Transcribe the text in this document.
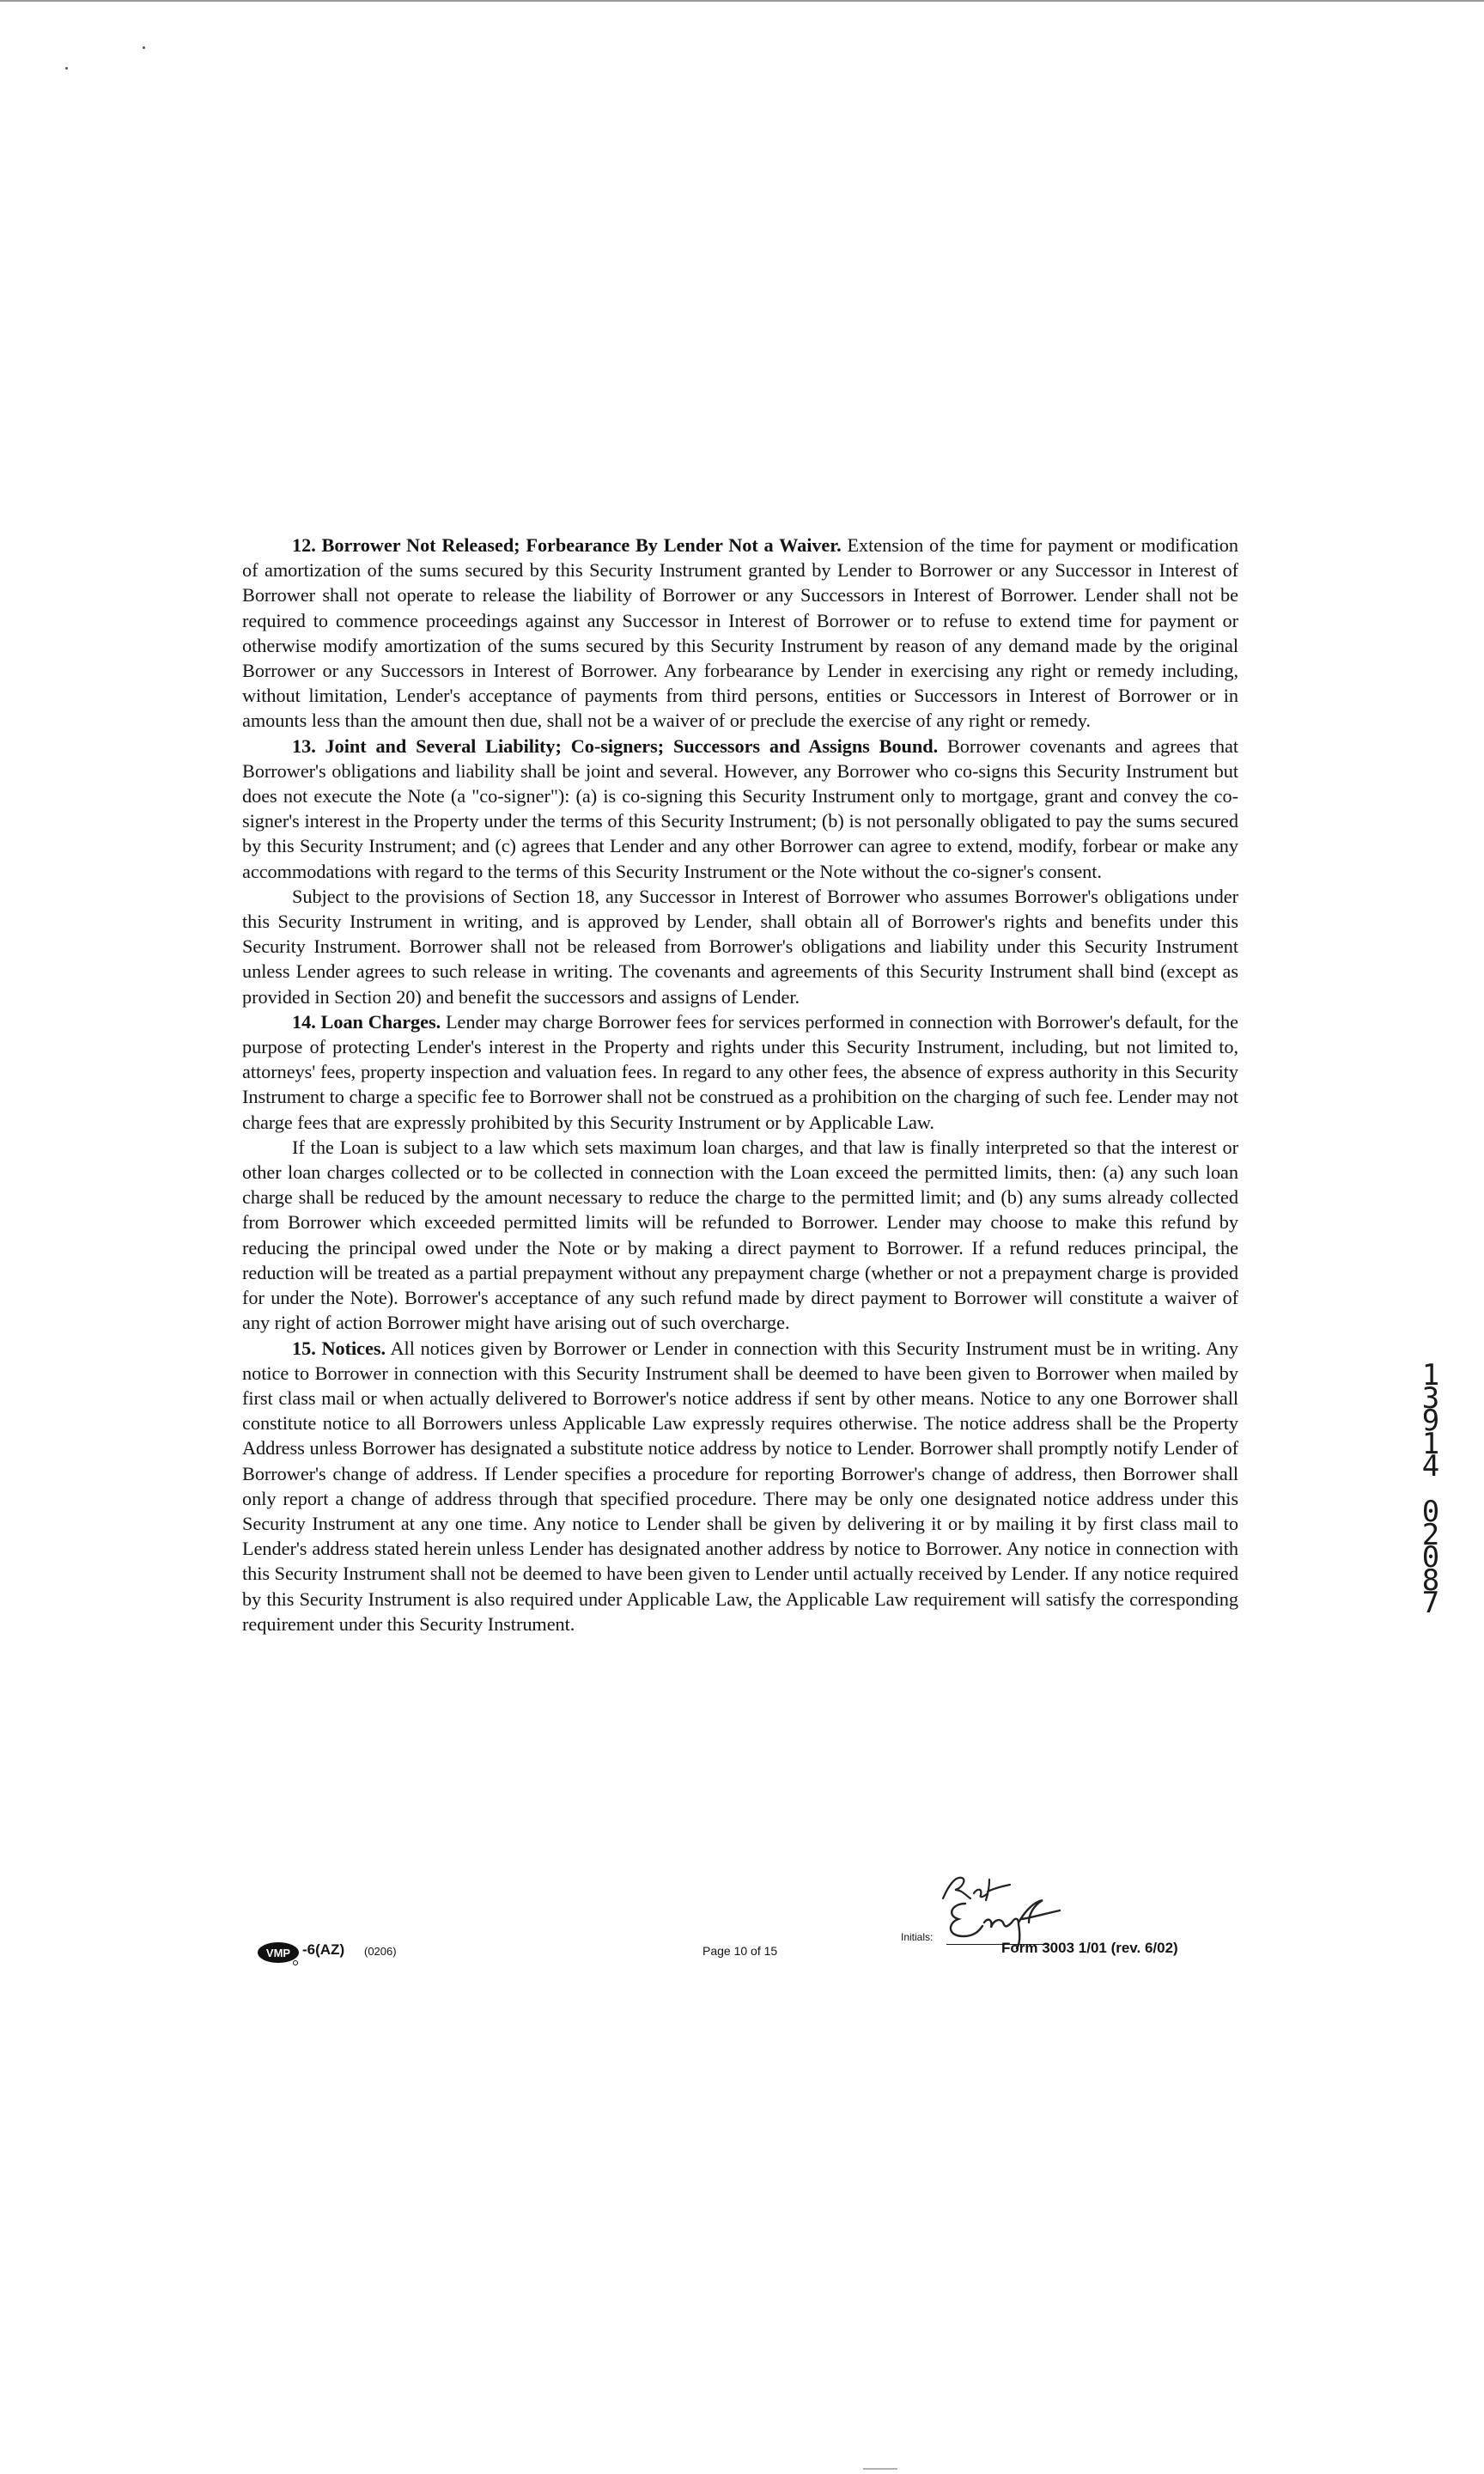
12. Borrower Not Released; Forbearance By Lender Not a Waiver. Extension of the time for payment or modification of amortization of the sums secured by this Security Instrument granted by Lender to Borrower or any Successor in Interest of Borrower shall not operate to release the liability of Borrower or any Successors in Interest of Borrower. Lender shall not be required to commence proceedings against any Successor in Interest of Borrower or to refuse to extend time for payment or otherwise modify amortization of the sums secured by this Security Instrument by reason of any demand made by the original Borrower or any Successors in Interest of Borrower. Any forbearance by Lender in exercising any right or remedy including, without limitation, Lender's acceptance of payments from third persons, entities or Successors in Interest of Borrower or in amounts less than the amount then due, shall not be a waiver of or preclude the exercise of any right or remedy.

13. Joint and Several Liability; Co-signers; Successors and Assigns Bound. Borrower covenants and agrees that Borrower's obligations and liability shall be joint and several. However, any Borrower who co-signs this Security Instrument but does not execute the Note (a "co-signer"): (a) is co-signing this Security Instrument only to mortgage, grant and convey the co-signer's interest in the Property under the terms of this Security Instrument; (b) is not personally obligated to pay the sums secured by this Security Instrument; and (c) agrees that Lender and any other Borrower can agree to extend, modify, forbear or make any accommodations with regard to the terms of this Security Instrument or the Note without the co-signer's consent.

Subject to the provisions of Section 18, any Successor in Interest of Borrower who assumes Borrower's obligations under this Security Instrument in writing, and is approved by Lender, shall obtain all of Borrower's rights and benefits under this Security Instrument. Borrower shall not be released from Borrower's obligations and liability under this Security Instrument unless Lender agrees to such release in writing. The covenants and agreements of this Security Instrument shall bind (except as provided in Section 20) and benefit the successors and assigns of Lender.

14. Loan Charges. Lender may charge Borrower fees for services performed in connection with Borrower's default, for the purpose of protecting Lender's interest in the Property and rights under this Security Instrument, including, but not limited to, attorneys' fees, property inspection and valuation fees. In regard to any other fees, the absence of express authority in this Security Instrument to charge a specific fee to Borrower shall not be construed as a prohibition on the charging of such fee. Lender may not charge fees that are expressly prohibited by this Security Instrument or by Applicable Law.

If the Loan is subject to a law which sets maximum loan charges, and that law is finally interpreted so that the interest or other loan charges collected or to be collected in connection with the Loan exceed the permitted limits, then: (a) any such loan charge shall be reduced by the amount necessary to reduce the charge to the permitted limit; and (b) any sums already collected from Borrower which exceeded permitted limits will be refunded to Borrower. Lender may choose to make this refund by reducing the principal owed under the Note or by making a direct payment to Borrower. If a refund reduces principal, the reduction will be treated as a partial prepayment without any prepayment charge (whether or not a prepayment charge is provided for under the Note). Borrower's acceptance of any such refund made by direct payment to Borrower will constitute a waiver of any right of action Borrower might have arising out of such overcharge.

15. Notices. All notices given by Borrower or Lender in connection with this Security Instrument must be in writing. Any notice to Borrower in connection with this Security Instrument shall be deemed to have been given to Borrower when mailed by first class mail or when actually delivered to Borrower's notice address if sent by other means. Notice to any one Borrower shall constitute notice to all Borrowers unless Applicable Law expressly requires otherwise. The notice address shall be the Property Address unless Borrower has designated a substitute notice address by notice to Lender. Borrower shall promptly notify Lender of Borrower's change of address. If Lender specifies a procedure for reporting Borrower's change of address, then Borrower shall only report a change of address through that specified procedure. There may be only one designated notice address under this Security Instrument at any one time. Any notice to Lender shall be given by delivering it or by mailing it by first class mail to Lender's address stated herein unless Lender has designated another address by notice to Borrower. Any notice in connection with this Security Instrument shall not be deemed to have been given to Lender until actually received by Lender. If any notice required by this Security Instrument is also required under Applicable Law, the Applicable Law requirement will satisfy the corresponding requirement under this Security Instrument.

1
3
9
1
4

0
2
0
8
7
VMP -6(AZ) (0206)	Page 10 of 15
Initials:
Form 3003 1/01 (rev. 6/02)
